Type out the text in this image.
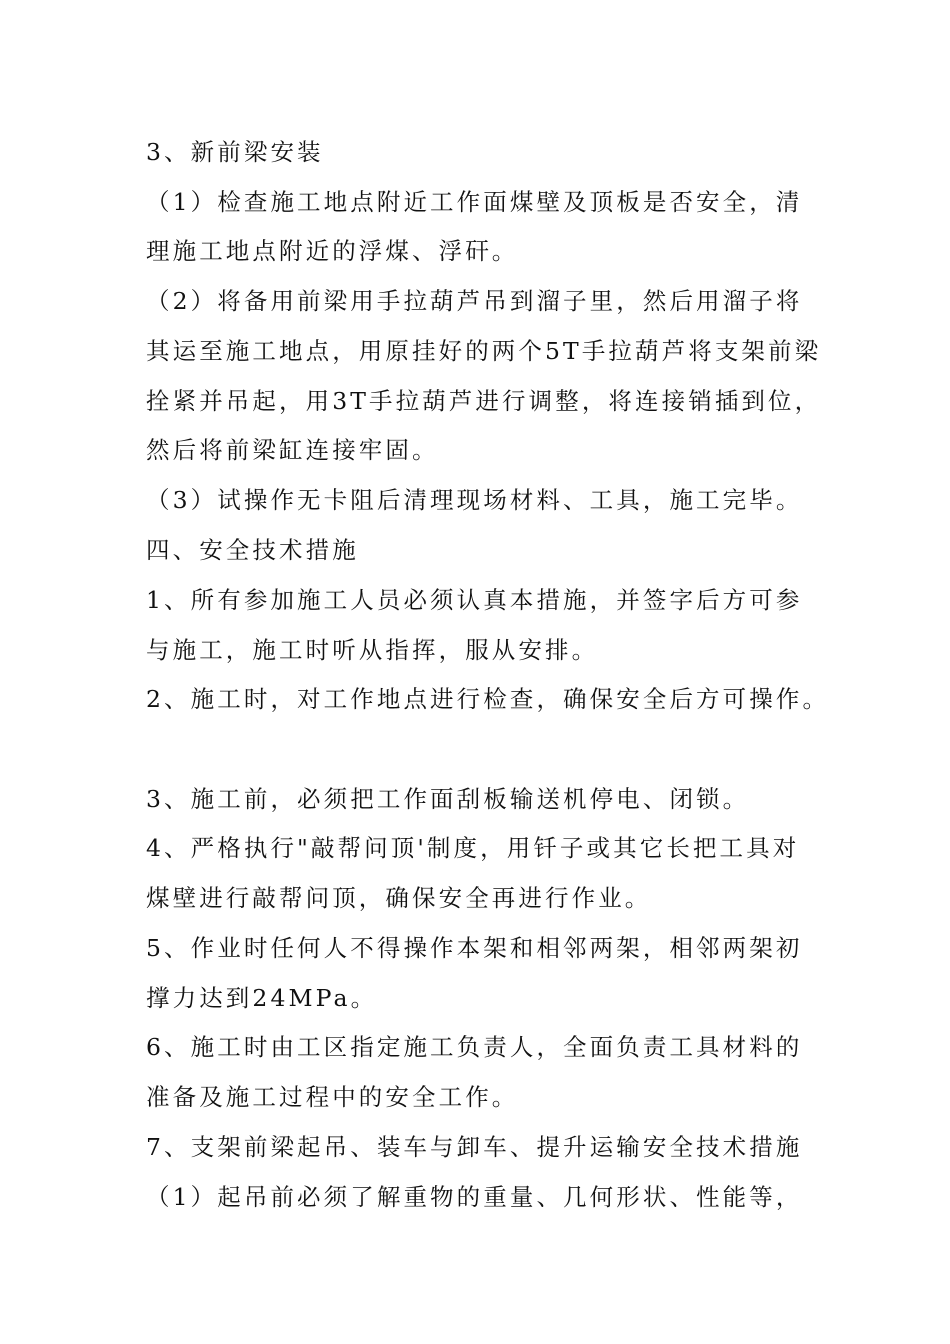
3、新前梁安装
（1）检查施工地点附近工作面煤壁及顶板是否安全，清
理施工地点附近的浮煤、浮矸。
（2）将备用前梁用手拉葫芦吊到溜子里，然后用溜子将
其运至施工地点，用原挂好的两个5T手拉葫芦将支架前梁
拴紧并吊起，用3T手拉葫芦进行调整，将连接销插到位，
然后将前梁缸连接牢固。
（3）试操作无卡阻后清理现场材料、工具，施工完毕。
四、安全技术措施
1、所有参加施工人员必须认真本措施，并签字后方可参
与施工，施工时听从指挥，服从安排。
2、施工时，对工作地点进行检查，确保安全后方可操作。
3、施工前，必须把工作面刮板输送机停电、闭锁。
4、严格执行"敲帮问顶'制度，用钎子或其它长把工具对
煤壁进行敲帮问顶，确保安全再进行作业。
5、作业时任何人不得操作本架和相邻两架，相邻两架初
撑力达到24MPa。
6、施工时由工区指定施工负责人，全面负责工具材料的
准备及施工过程中的安全工作。
7、支架前梁起吊、装车与卸车、提升运输安全技术措施
（1）起吊前必须了解重物的重量、几何形状、性能等，
